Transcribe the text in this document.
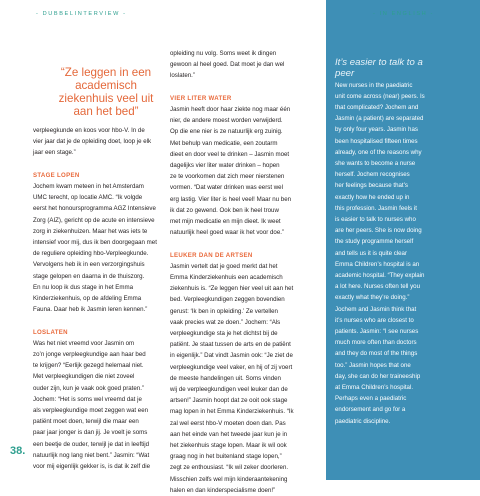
- DUBBELINTERVIEW -	- IN ENGLISH -
“Ze leggen in een academisch ziekenhuis veel uit aan het bed”

verpleegkunde en koos voor hbo-V. In de

vier jaar dat je de opleiding doet, loop je elk

jaar een stage.”

STAGE LOPEN

Jochem kwam meteen in het Amsterdam

UMC terecht, op locatie AMC. “Ik volgde

eerst het honoursprogramma AGZ Intensieve

Zorg (AIZ), gericht op de acute en intensieve

zorg in ziekenhuizen. Maar het was iets te

intensief voor mij, dus ik ben doorgegaan met

de reguliere opleiding hbo-Verpleegkunde.

Vervolgens heb ik in een verzorgingshuis

stage gelopen en daarna in de thuiszorg.

En nu loop ik dus stage in het Emma

Kinderziekenhuis, op de afdeling Emma

Fauna. Daar heb ik Jasmin leren kennen.”

LOSLATEN

Was het niet vreemd voor Jasmin om

zo’n jonge verpleegkundige aan haar bed

te krijgen? “Eerlijk gezegd helemaal niet.

Met verpleegkundigen die niet zoveel

ouder zijn, kun je vaak ook goed praten.”

Jochem: “Het is soms wel vreemd dat je

als verpleegkundige moet zeggen wat een

patiënt moet doen, terwijl die maar een

paar jaar jonger is dan jij. Je voelt je soms

een beetje de ouder, terwijl je dat in leeftijd

natuurlijk nog lang niet bent.” Jasmin: “Wat

voor mij eigenlijk gekker is, is dat ik zelf die

opleiding nu volg. Soms weet ik dingen

gewoon al heel goed. Dat moet je dan wel

loslaten.”

VIER LITER WATER

Jasmin heeft door haar ziekte nog maar één

nier, de andere moest worden verwijderd.

Op die ene nier is ze natuurlijk erg zuinig.

Met behulp van medicatie, een zoutarm

dieet en door veel te drinken – Jasmin moet

dagelijks vier liter water drinken – hopen

ze te voorkomen dat zich meer nierstenen

vormen. “Dat water drinken was eerst wel

erg lastig. Vier liter is heel veel! Maar nu ben

ik dat zo gewend. Ook ben ik heel trouw

met mijn medicatie en mijn dieet. Ik weet

natuurlijk heel goed waar ik het voor doe.”

LEUKER DAN DE ARTSEN

Jasmin vertelt dat je goed merkt dat het

Emma Kinderziekenhuis een academisch

ziekenhuis is. “Ze leggen hier veel uit aan het

bed. Verpleegkundigen zeggen bovendien

gerust: ‘Ik ben in opleiding.’ Ze vertellen

vaak precies wat ze doen.” Jochem: “Als

verpleegkundige sta je het dichtst bij de

patiënt. Je staat tussen de arts en de patiënt

in eigenlijk.” Dat vindt Jasmin ook: “Je ziet de

verpleegkundige veel vaker, en hij of zij voert

de meeste handelingen uit. Soms vinden

wij de verpleegkundigen veel leuker dan de

artsen!” Jasmin hoopt dat ze ooit ook stage

mag lopen in het Emma Kinderziekenhuis. “Ik

zal wel eerst hbo-V moeten doen dan. Pas

aan het einde van het tweede jaar kun je in

het ziekenhuis stage lopen. Maar ik wil ook

graag nog in het buitenland stage lopen,”

zegt ze enthousiast. “Ik wil zeker doorleren.

Misschien zelfs wel mijn kinderaantekening

halen en dan kinderspecialisme doen!”

It’s easier to talk to a

peer

New nurses in the paediatric

unit come across (near) peers. Is

that complicated? Jochem and

Jasmin (a patient) are separated

by only four years. Jasmin has

been hospitalised fifteen times

already, one of the reasons why

she wants to become a nurse

herself. Jochem recognises

her feelings because that’s

exactly how he ended up in

this profession. Jasmin feels it

is easier to talk to nurses who

are her peers. She is now doing

the study programme herself

and tells us it is quite clear

Emma Children’s hospital is an

academic hospital. “They explain

a lot here. Nurses often tell you

exactly what they’re doing.”

Jochem and Jasmin think that

it’s nurses who are closest to

patients. Jasmin: “I see nurses

much more often than doctors

and they do most of the things

too.” Jasmin hopes that one

day, she can do her traineeship

at Emma Children’s hospital.

Perhaps even a paediatric

endorsement and go for a

paediatric discipline.

38.
